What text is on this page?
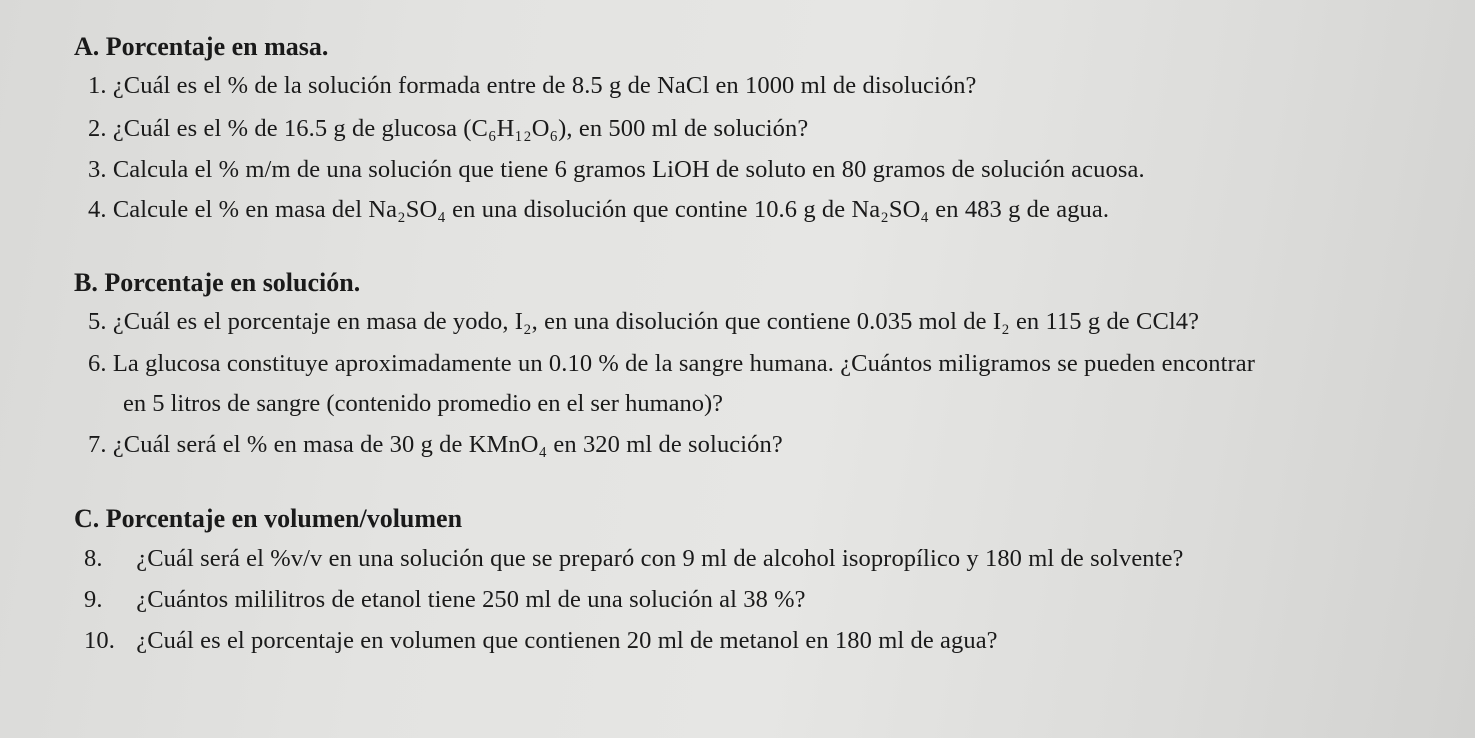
A. Porcentaje en masa.
1. ¿Cuál es el % de la solución formada entre de 8.5 g de NaCl en 1000 ml de disolución?
2. ¿Cuál es el % de 16.5 g de glucosa (C₆H₁₂O₆), en 500 ml de solución?
3. Calcula el % m/m de una solución que tiene 6 gramos LiOH de soluto en 80 gramos de solución acuosa.
4. Calcule el % en masa del Na₂SO₄ en una disolución que contine 10.6 g de Na₂SO₄ en 483 g de agua.
B. Porcentaje en solución.
5. ¿Cuál es el porcentaje en masa de yodo, I₂, en una disolución que contiene 0.035 mol de I₂ en 115 g de CCl4?
6. La glucosa constituye aproximadamente un 0.10 % de la sangre humana. ¿Cuántos miligramos se pueden encontrar
en 5 litros de sangre (contenido promedio en el ser humano)?
7. ¿Cuál será el % en masa de 30 g de KMnO₄ en 320 ml de solución?
C. Porcentaje en volumen/volumen
8. ¿Cuál será el %v/v en una solución que se preparó con 9 ml de alcohol isopropílico y 180 ml de solvente?
9. ¿Cuántos mililitros de etanol tiene 250 ml de una solución al 38 %?
10. ¿Cuál es el porcentaje en volumen que contienen 20 ml de metanol en 180 ml de agua?
